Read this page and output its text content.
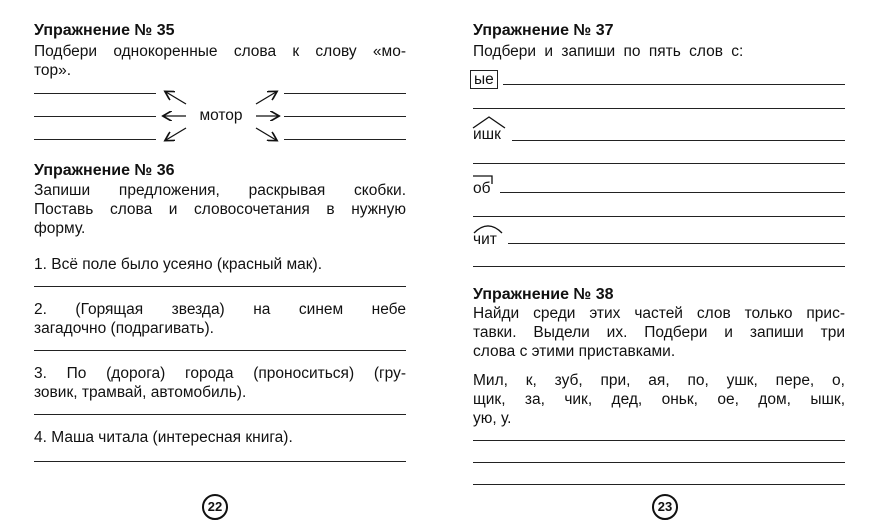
Упражнение № 35
Подбери однокоренные слова к слову «мо-
тор».
мотор
Упражнение № 36
Запиши предложения, раскрывая скобки.
Поставь слова и словосочетания в нужную
форму.
1. Всё поле было усеяно (красный мак).
2. (Горящая звезда) на синем небе
загадочно (подрагивать).
3. По (дорога) города (проноситься) (гру-
зовик, трамвай, автомобиль).
4. Маша читала (интересная книга).
22
Упражнение № 37
Подбери и запиши по пять слов с:
ые
ишк
об
чит
Упражнение № 38
Найди среди этих частей слов только прис-
тавки. Выдели их. Подбери и запиши три
слова с этими приставками.
Мил, к, зуб, при, ая, по, ушк, пере, о,
щик, за, чик, дед, оньк, ое, дом, ышк,
ую, у.
23
